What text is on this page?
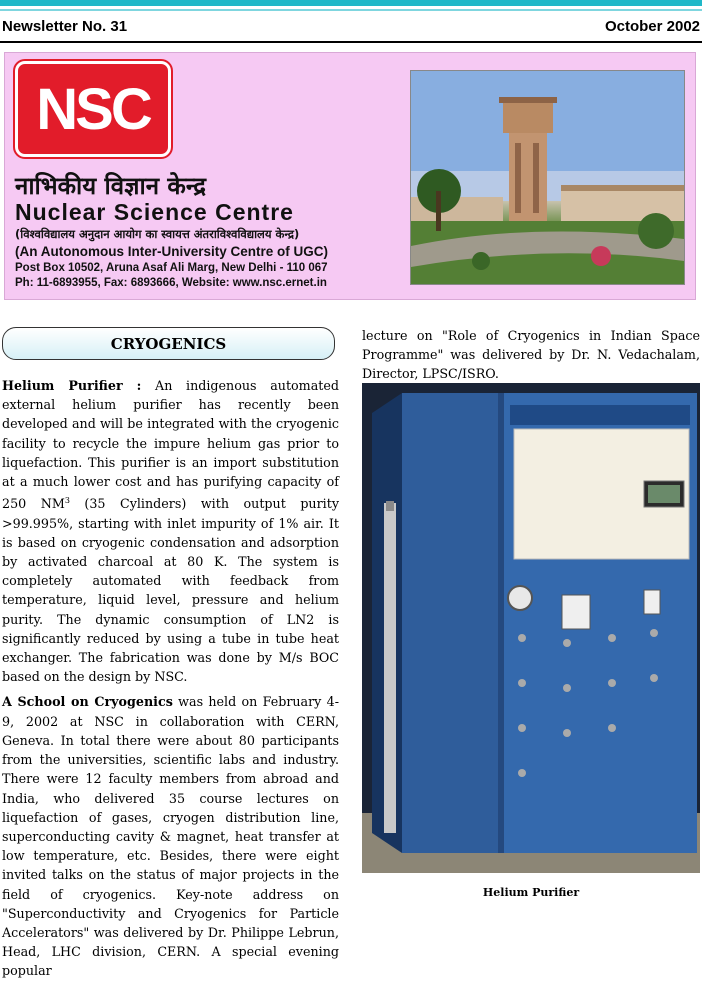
Newsletter No. 31	October 2002
NSC
नाभिकीय विज्ञान केन्द्र
Nuclear Science Centre
(विश्वविद्यालय अनुदान आयोग का स्वायत्त अंतराविश्वविद्यालय केन्द्र)
(An Autonomous Inter-University Centre of UGC)
Post Box 10502, Aruna Asaf Ali Marg, New Delhi - 110 067
Ph: 11-6893955, Fax: 6893666, Website: www.nsc.ernet.in
CRYOGENICS

Helium Purifier : An indigenous automated external helium purifier has recently been developed and will be integrated with the cryogenic facility to recycle the impure helium gas prior to liquefaction. This purifier is an import substitution at a much lower cost and has purifying capacity of 250 $NM^3$ (35 Cylinders) with output purity >99.995%, starting with inlet impurity of 1% air. It is based on cryogenic condensation and adsorption by activated charcoal at 80 K. The system is completely automated with feedback from temperature, liquid level, pressure and helium purity. The dynamic consumption of LN2 is significantly reduced by using a tube in tube heat exchanger. The fabrication was done by M/s BOC based on the design by NSC.

A School on Cryogenics was held on February 4-9, 2002 at NSC in collaboration with CERN, Geneva. In total there were about 80 participants from the universities, scientific labs and industry. There were 12 faculty members from abroad and India, who delivered 35 course lectures on liquefaction of gases, cryogen distribution line, superconducting cavity & magnet, heat transfer at low temperature, etc. Besides, there were eight invited talks on the status of major projects in the field of cryogenics. Key-note address on "Superconductivity and Cryogenics for Particle Accelerators" was delivered by Dr. Philippe Lebrun, Head, LHC division, CERN. A special evening popular

lecture on "Role of Cryogenics in Indian Space Programme" was delivered by Dr. N. Vedachalam, Director, LPSC/ISRO.

Helium Purifier
